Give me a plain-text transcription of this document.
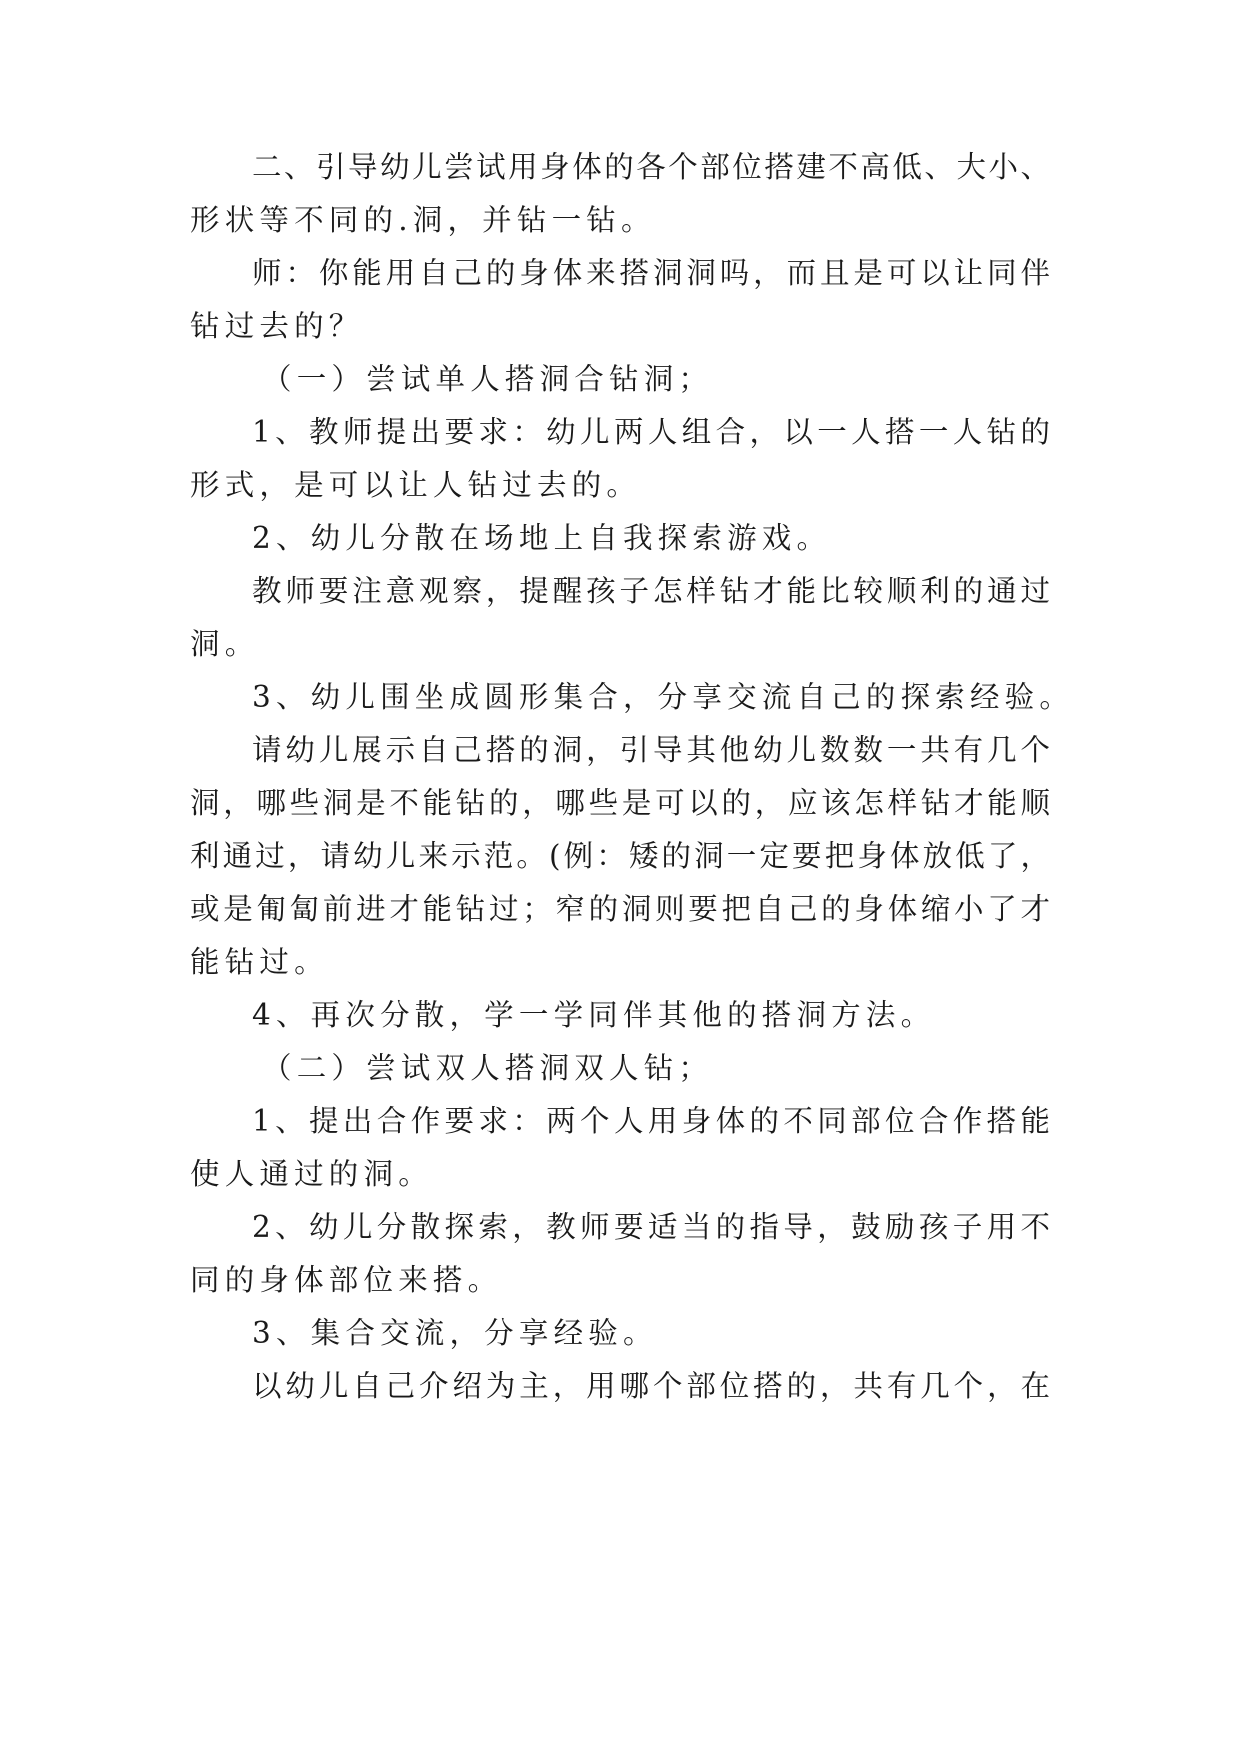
二、引导幼儿尝试用身体的各个部位搭建不高低、大小、
形状等不同的.洞，并钻一钻。
师：你能用自己的身体来搭洞洞吗，而且是可以让同伴
钻过去的？
（一）尝试单人搭洞合钻洞；
1、教师提出要求：幼儿两人组合，以一人搭一人钻的
形式，是可以让人钻过去的。
2、幼儿分散在场地上自我探索游戏。
教师要注意观察，提醒孩子怎样钻才能比较顺利的通过
洞。
3、幼儿围坐成圆形集合，分享交流自己的探索经验。
请幼儿展示自己搭的洞，引导其他幼儿数数一共有几个
洞，哪些洞是不能钻的，哪些是可以的，应该怎样钻才能顺
利通过，请幼儿来示范。(例：矮的洞一定要把身体放低了，
或是匍匐前进才能钻过；窄的洞则要把自己的身体缩小了才
能钻过。
4、再次分散，学一学同伴其他的搭洞方法。
（二）尝试双人搭洞双人钻；
1、提出合作要求：两个人用身体的不同部位合作搭能
使人通过的洞。
2、幼儿分散探索，教师要适当的指导，鼓励孩子用不
同的身体部位来搭。
3、集合交流，分享经验。
以幼儿自己介绍为主，用哪个部位搭的，共有几个，在
